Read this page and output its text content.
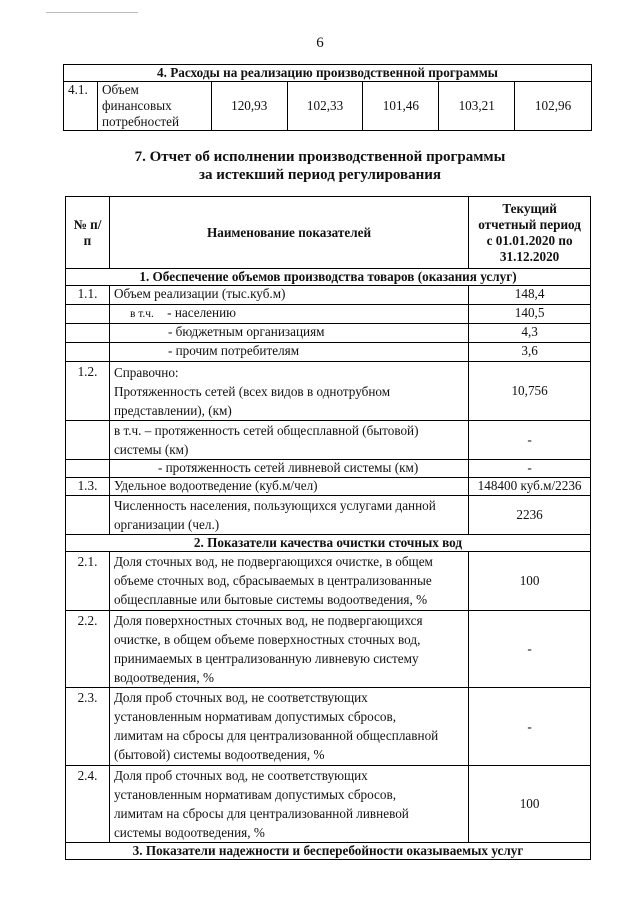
6
4. Расходы на реализацию производственной программы
4.1.	Объем
финансовых
потребностей
	120,93	102,33	101,46	103,21	102,96
7. Отчет об исполнении производственной программы
за истекший период регулирования
№ п/п	Наименование показателей	Текущий
отчетный период
с 01.01.2020 по
31.12.2020

1. Обеспечение объемов производства товаров (оказания услуг)		
1.1.	Объем реализации (тыс.куб.м)	148,4
	в т.ч. - населению	140,5
	- бюджетным организациям	4,3
	- прочим потребителям	3,6
1.2.	Справочно:
Протяженность сетей (всех видов в однотрубном
представлении), (км)	10,756

	в т.ч. – протяженность сетей общесплавной (бытовой)
системы (км)	-
	- протяженность сетей ливневой системы (км)	-
1.3.	Удельное водоотведение (куб.м/чел)	148400 куб.м/2236

	Численность населения, пользующихся услугами данной
организации (чел.)	2236
2. Показатели качества очистки сточных вод		
2.1.	Доля сточных вод, не подвергающихся очистке, в общем
объеме сточных вод, сбрасываемых в централизованные
общесплавные или бытовые системы водоотведения, %	100
2.2.	Доля поверхностных сточных вод, не подвергающихся
очистке, в общем объеме поверхностных сточных вод,
принимаемых в централизованную ливневую систему
водоотведения, %	-
2.3.	Доля проб сточных вод, не соответствующих
установленным нормативам допустимых сбросов,
лимитам на сбросы для централизованной общесплавной
(бытовой) системы водоотведения, %	-
2.4.	Доля проб сточных вод, не соответствующих
установленным нормативам допустимых сбросов,
лимитам на сбросы для централизованной ливневой
системы водоотведения, %	100
3. Показатели надежности и бесперебойности оказываемых услуг		
